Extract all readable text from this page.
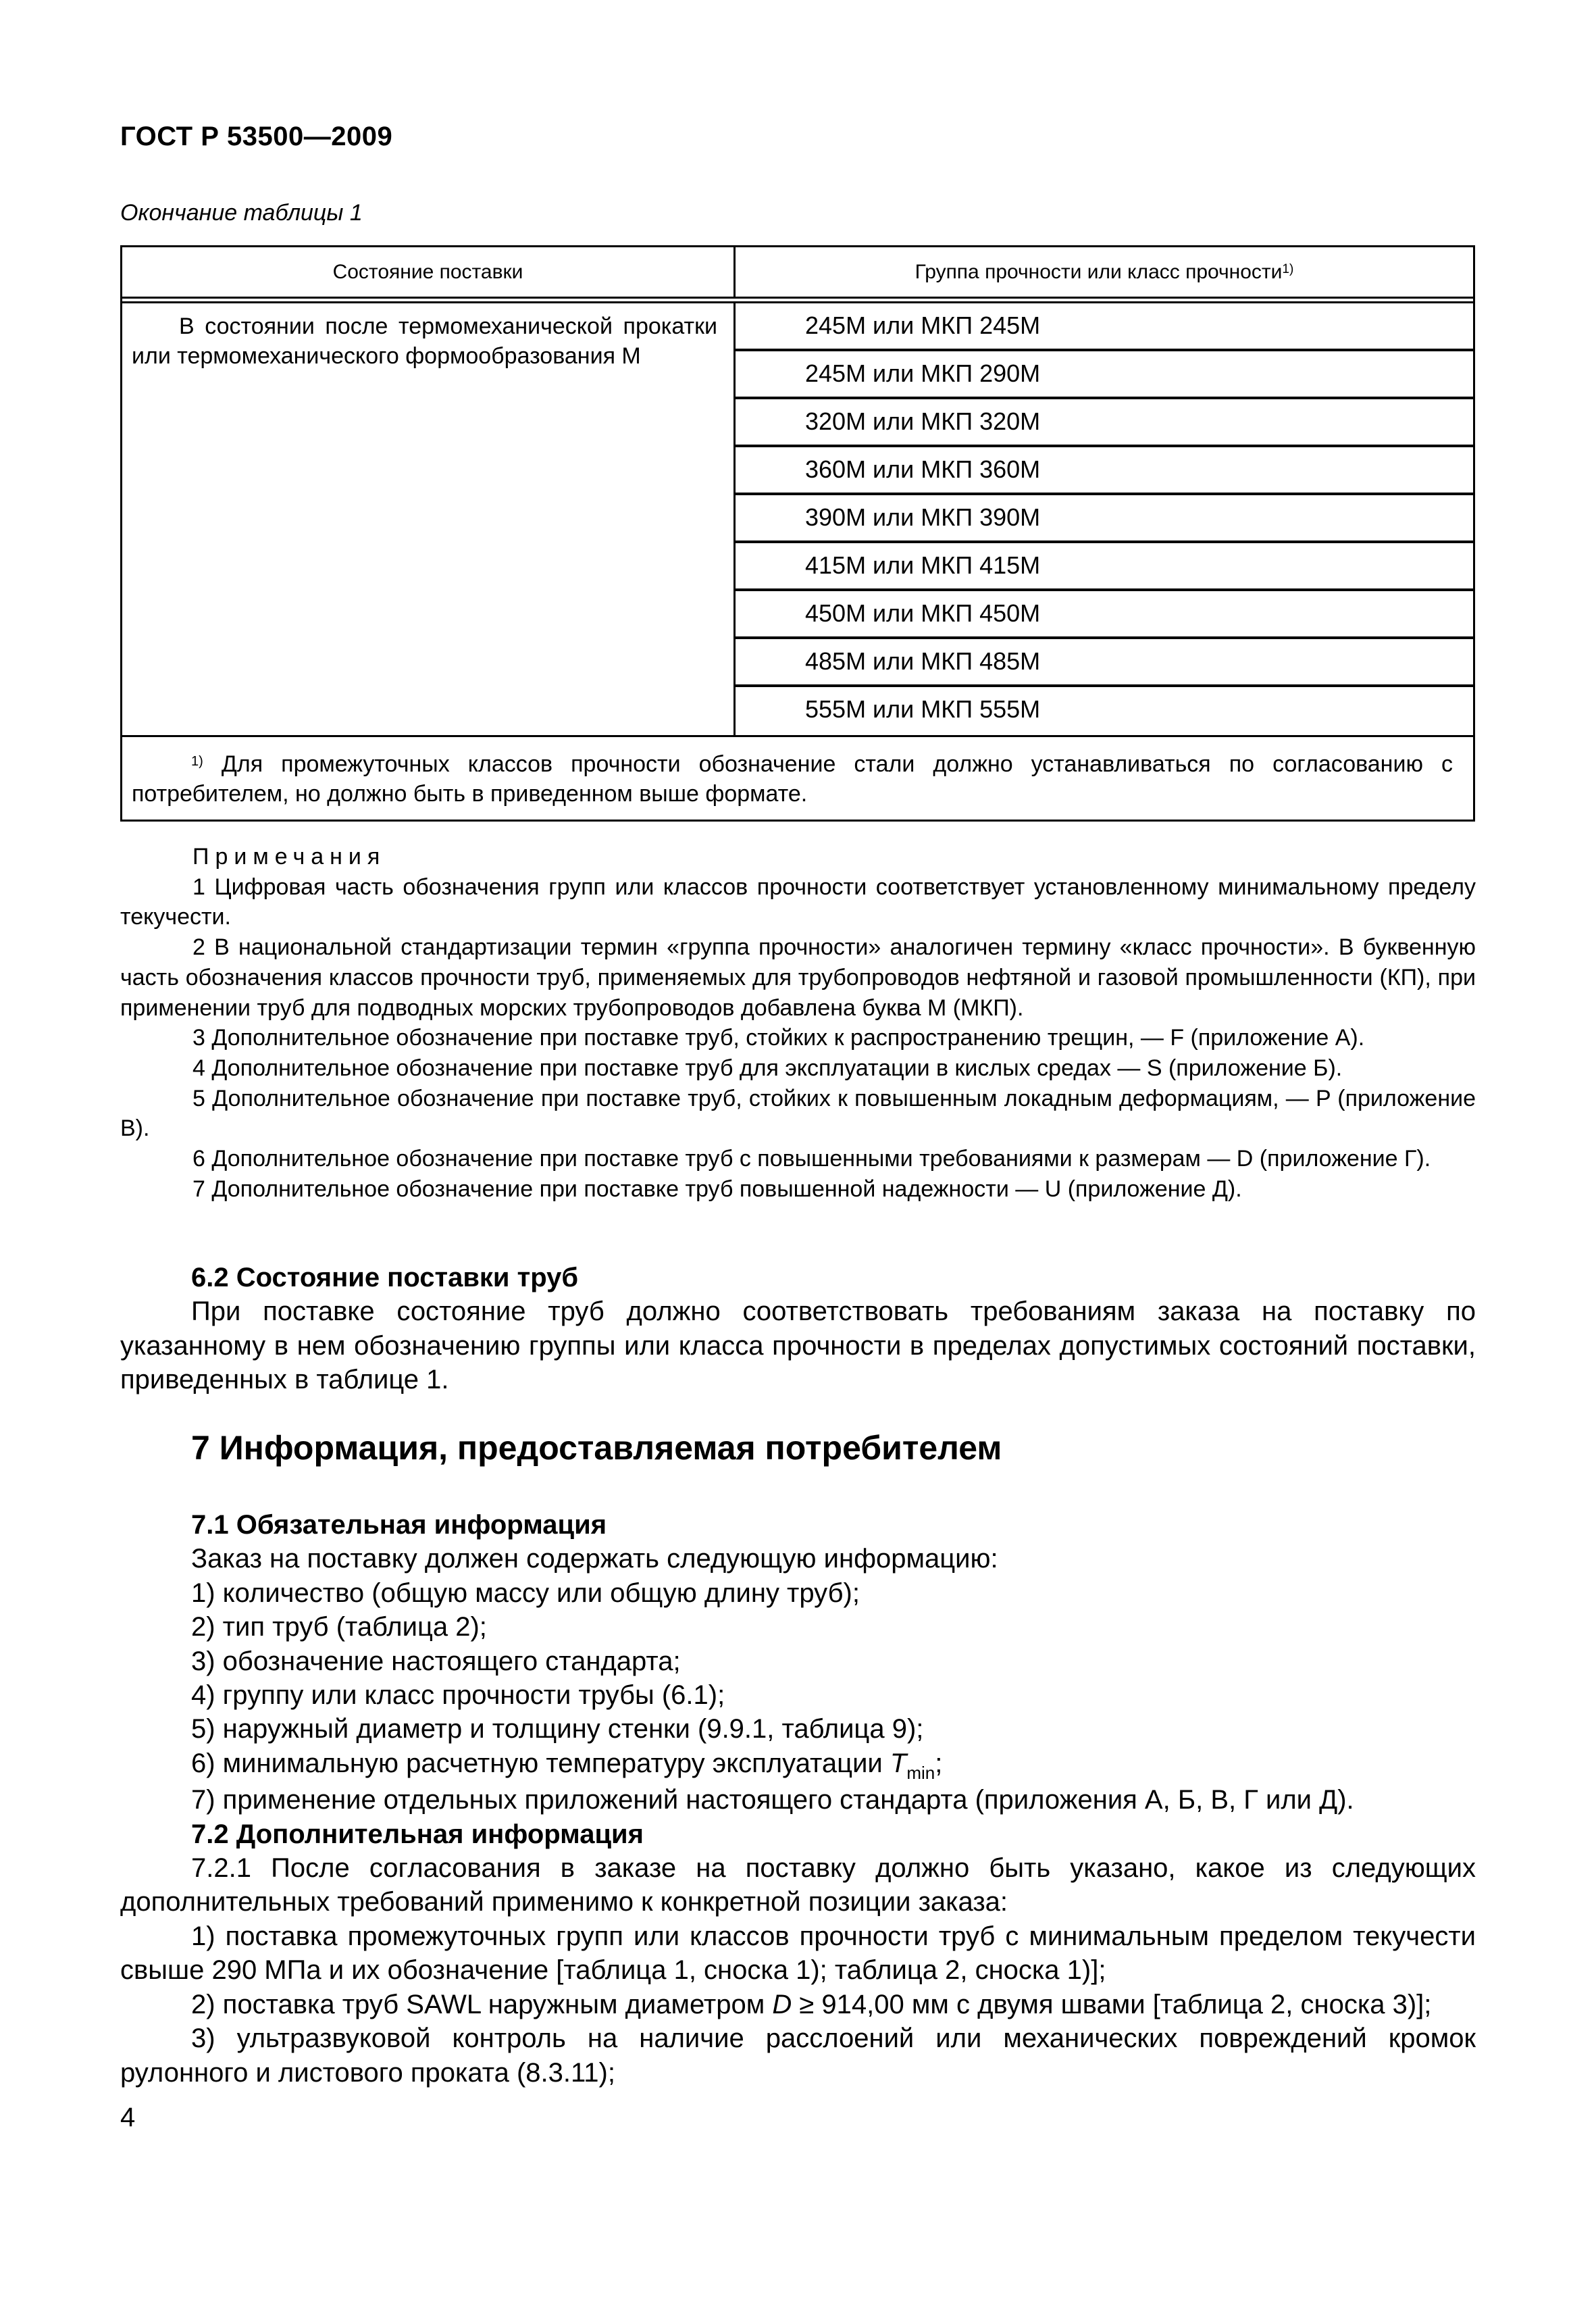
ГОСТ Р 53500—2009
Окончание таблицы 1
Состояние поставки	Группа прочности или класс прочности$^{1)}$
В состоянии после термомеханической прокатки или термомеханического формообразования М
245М или МКП 245М
245М или МКП 290М
320М или МКП 320М
360М или МКП 360М
390М или МКП 390М
415М или МКП 415М
450М или МКП 450М
485М или МКП 485М
555М или МКП 555М
$^{1)}$ Для промежуточных классов прочности обозначение стали должно устанавливаться по согласованию с потребителем, но должно быть в приведенном выше формате.

Примечания

1 Цифровая часть обозначения групп или классов прочности соответствует установленному минимальному пределу текучести.

2 В национальной стандартизации термин «группа прочности» аналогичен термину «класс прочности». В буквенную часть обозначения классов прочности труб, применяемых для трубопроводов нефтяной и газовой промышленности (КП), при применении труб для подводных морских трубопроводов добавлена буква М (МКП).

3 Дополнительное обозначение при поставке труб, стойких к распространению трещин, — F (приложение А).

4 Дополнительное обозначение при поставке труб для эксплуатации в кислых средах — S (приложение Б).

5 Дополнительное обозначение при поставке труб, стойких к повышенным локадным деформациям, — P (приложение В).

6 Дополнительное обозначение при поставке труб с повышенными требованиями к размерам — D (приложение Г).

7 Дополнительное обозначение при поставке труб повышенной надежности — U (приложение Д).

6.2 Состояние поставки труб

При поставке состояние труб должно соответствовать требованиям заказа на поставку по указанному в нем обозначению группы или класса прочности в пределах допустимых состояний поставки, приведенных в таблице 1.

7 Информация, предоставляемая потребителем

7.1 Обязательная информация

Заказ на поставку должен содержать следующую информацию:

1) количество (общую массу или общую длину труб);

2) тип труб (таблица 2);

3) обозначение настоящего стандарта;

4) группу или класс прочности трубы (6.1);

5) наружный диаметр и толщину стенки (9.9.1, таблица 9);

6) минимальную расчетную температуру эксплуатации $T_{min}$;

7) применение отдельных приложений настоящего стандарта (приложения А, Б, В, Г или Д).

7.2 Дополнительная информация

7.2.1 После согласования в заказе на поставку должно быть указано, какое из следующих дополнительных требований применимо к конкретной позиции заказа:

1) поставка промежуточных групп или классов прочности труб с минимальным пределом текучести свыше 290 МПа и их обозначение [таблица 1, сноска 1); таблица 2, сноска 1)];

2) поставка труб SAWL наружным диаметром D ≥ 914,00 мм с двумя швами [таблица 2, сноска 3)];

3) ультразвуковой контроль на наличие расслоений или механических повреждений кромок рулонного и листового проката (8.3.11);

4
